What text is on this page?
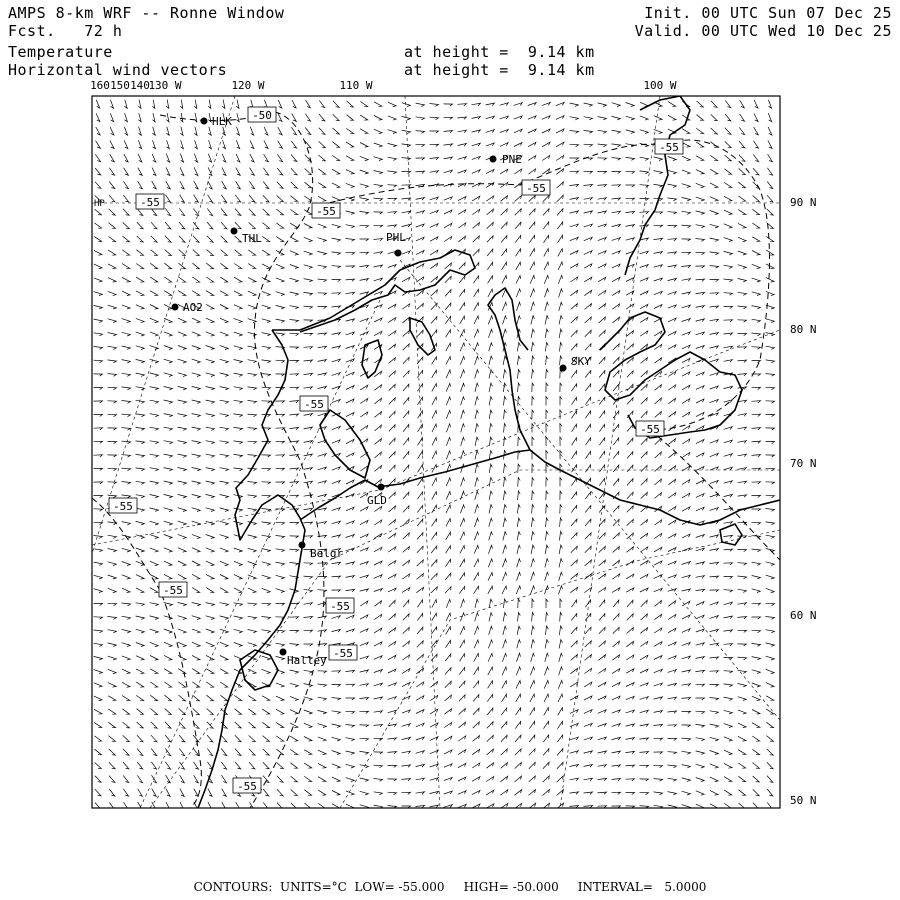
AMPS 8-km WRF -- Ronne Window
Fcst. 72 h
Temperature
Horizontal wind vectors
Init. 00 UTC Sun 07 Dec 25
Valid. 00 UTC Wed 10 Dec 25
at height =  9.14 km
at height =  9.14 km
-50
-55
-55
-55
-55
-55
-55
-55
-55
-55
-55
-55
HLK
PNE
THL	PHL
AO2
SKY
GLD
Belgr
Halley
160 150 140
130 W	120 W	110 W	100 W
90 N
80 N
70 N
60 N
50 N
HP
CONTOURS:  UNITS=°C  LOW= -55.000     HIGH= -50.000     INTERVAL=   5.0000
